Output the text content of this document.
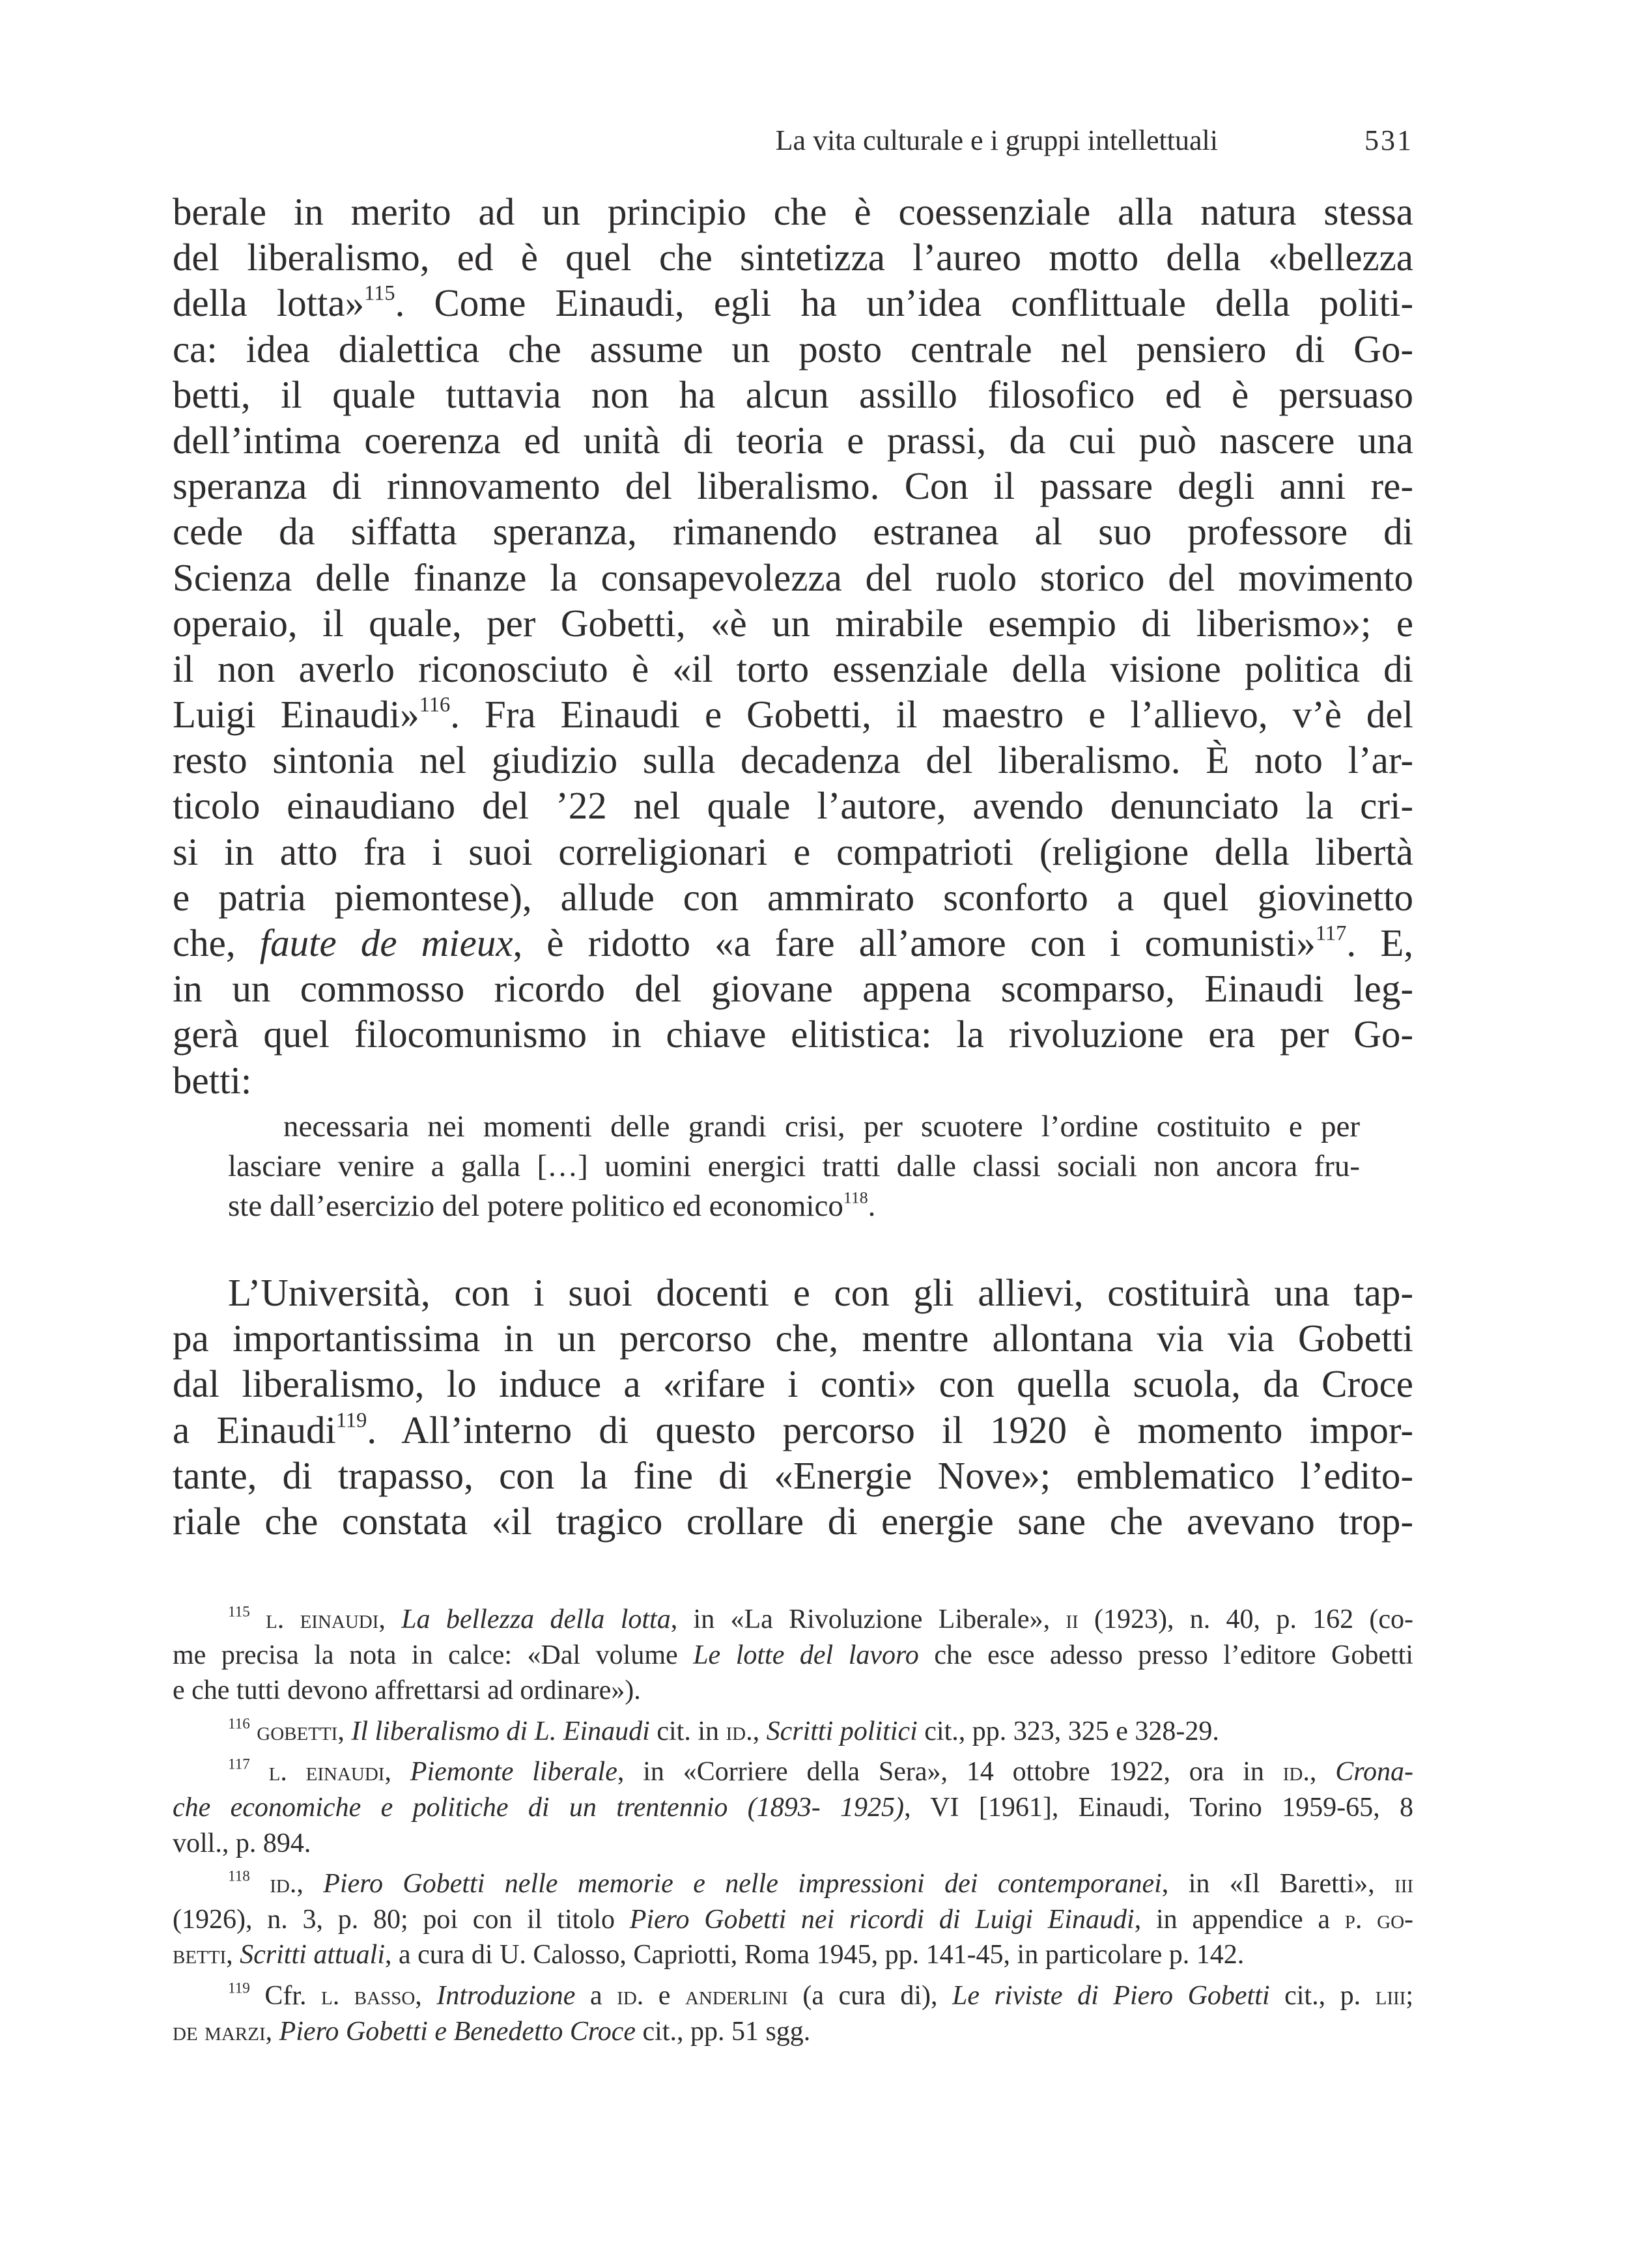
La vita culturale e i gruppi intellettuali	531
berale in merito ad un principio che è coessenziale alla natura stessa
del liberalismo, ed è quel che sintetizza l’aureo motto della «bellezza
della lotta»$^{115}$. Come Einaudi, egli ha un’idea conflittuale della politi-
ca: idea dialettica che assume un posto centrale nel pensiero di Go-
betti, il quale tuttavia non ha alcun assillo filosofico ed è persuaso
dell’intima coerenza ed unità di teoria e prassi, da cui può nascere una
speranza di rinnovamento del liberalismo. Con il passare degli anni re-
cede da siffatta speranza, rimanendo estranea al suo professore di
Scienza delle finanze la consapevolezza del ruolo storico del movimento
operaio, il quale, per Gobetti, «è un mirabile esempio di liberismo»; e
il non averlo riconosciuto è «il torto essenziale della visione politica di
Luigi Einaudi»$^{116}$. Fra Einaudi e Gobetti, il maestro e l’allievo, v’è del
resto sintonia nel giudizio sulla decadenza del liberalismo. È noto l’ar-
ticolo einaudiano del ’22 nel quale l’autore, avendo denunciato la cri-
si in atto fra i suoi correligionari e compatrioti (religione della libertà
e patria piemontese), allude con ammirato sconforto a quel giovinetto
che, faute de mieux, è ridotto «a fare all’amore con i comunisti»$^{117}$. E,
in un commosso ricordo del giovane appena scomparso, Einaudi leg-
gerà quel filocomunismo in chiave elitistica: la rivoluzione era per Go-
betti:
necessaria nei momenti delle grandi crisi, per scuotere l’ordine costituito e per
lasciare venire a galla […] uomini energici tratti dalle classi sociali non ancora fru-
ste dall’esercizio del potere politico ed economico$^{118}$.
L’Università, con i suoi docenti e con gli allievi, costituirà una tap-
pa importantissima in un percorso che, mentre allontana via via Gobetti
dal liberalismo, lo induce a «rifare i conti» con quella scuola, da Croce
a Einaudi$^{119}$. All’interno di questo percorso il 1920 è momento impor-
tante, di trapasso, con la fine di «Energie Nove»; emblematico l’edito-
riale che constata «il tragico crollare di energie sane che avevano trop-
$^{115}$ l. einaudi, La bellezza della lotta, in «La Rivoluzione Liberale», ii (1923), n. 40, p. 162 (co-
me precisa la nota in calce: «Dal volume Le lotte del lavoro che esce adesso presso l’editore Gobetti
e che tutti devono affrettarsi ad ordinare»).
$^{116}$ gobetti, Il liberalismo di L. Einaudi cit. in id., Scritti politici cit., pp. 323, 325 e 328-29.
$^{117}$ l. einaudi, Piemonte liberale, in «Corriere della Sera», 14 ottobre 1922, ora in id., Crona-
che economiche e politiche di un trentennio (1893- 1925), VI [1961], Einaudi, Torino 1959-65, 8
voll., p. 894.
$^{118}$ id., Piero Gobetti nelle memorie e nelle impressioni dei contemporanei, in «Il Baretti», iii
(1926), n. 3, p. 80; poi con il titolo Piero Gobetti nei ricordi di Luigi Einaudi, in appendice a p. go-
betti, Scritti attuali, a cura di U. Calosso, Capriotti, Roma 1945, pp. 141-45, in particolare p. 142.
$^{119}$ Cfr. l. basso, Introduzione a id. e anderlini (a cura di), Le riviste di Piero Gobetti cit., p. liii;
de marzi, Piero Gobetti e Benedetto Croce cit., pp. 51 sgg.
